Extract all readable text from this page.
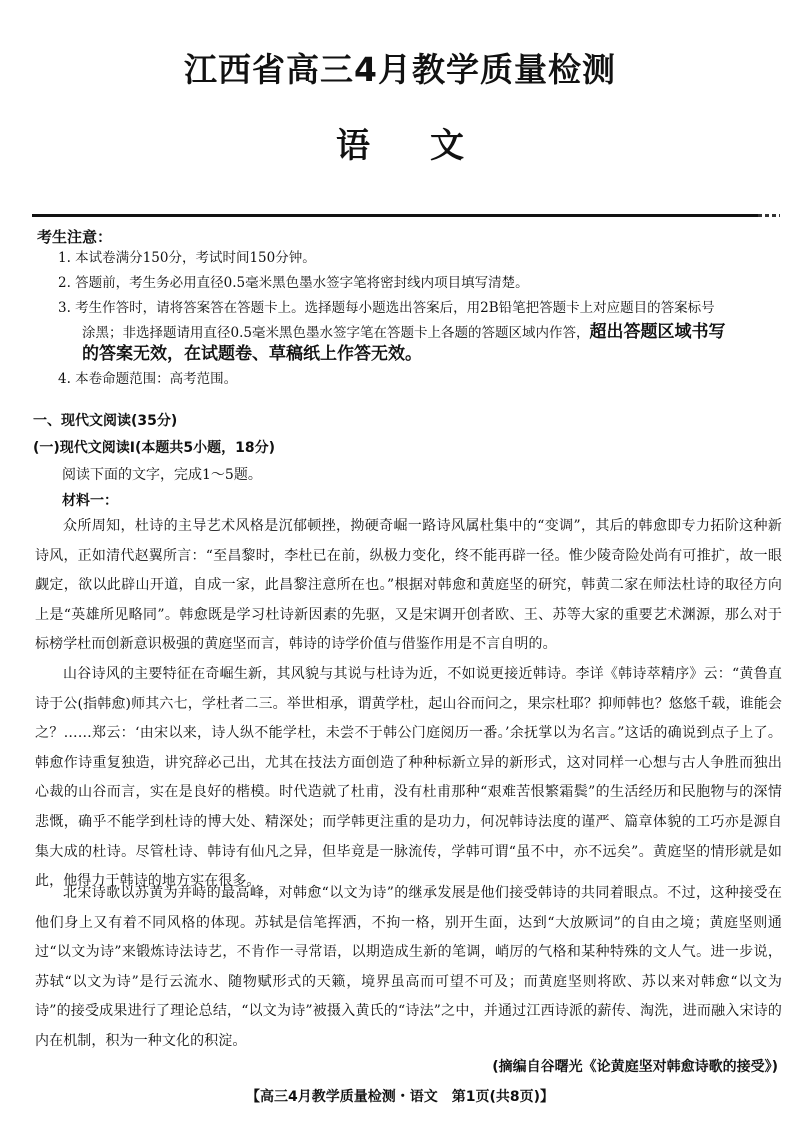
江西省高三4月教学质量检测
语文
考生注意：
1. 本试卷满分150分，考试时间150分钟。
2. 答题前，考生务必用直径0.5毫米黑色墨水签字笔将密封线内项目填写清楚。
3. 考生作答时，请将答案答在答题卡上。选择题每小题选出答案后，用2B铅笔把答题卡上对应题目的答案标号
涂黑；非选择题请用直径0.5毫米黑色墨水签字笔在答题卡上各题的答题区域内作答，超出答题区域书写
的答案无效，在试题卷、草稿纸上作答无效。
4. 本卷命题范围：高考范围。
一、现代文阅读(35分)
(一)现代文阅读Ⅰ(本题共5小题，18分)
阅读下面的文字，完成1～5题。
材料一：
众所周知，杜诗的主导艺术风格是沉郁顿挫，拗硬奇崛一路诗风属杜集中的“变调”，其后的韩愈即专力拓阶这种新诗风，正如清代赵翼所言：“至昌黎时，李杜已在前，纵极力变化，终不能再辟一径。惟少陵奇险处尚有可推扩，故一眼觑定，欲以此辟山开道，自成一家，此昌黎注意所在也。”根据对韩愈和黄庭坚的研究，韩黄二家在师法杜诗的取径方向上是“英雄所见略同”。韩愈既是学习杜诗新因素的先驱，又是宋调开创者欧、王、苏等大家的重要艺术渊源，那么对于标榜学杜而创新意识极强的黄庭坚而言，韩诗的诗学价值与借鉴作用是不言自明的。
山谷诗风的主要特征在奇崛生新，其风貌与其说与杜诗为近，不如说更接近韩诗。李详《韩诗萃精序》云：“黄鲁直诗于公(指韩愈)师其六七，学杜者二三。举世相承，谓黄学杜，起山谷而问之，果宗杜耶？抑师韩也？悠悠千载，谁能会之？……郑云：‘由宋以来，诗人纵不能学杜，未尝不于韩公门庭阅历一番。’余抚掌以为名言。”这话的确说到点子上了。韩愈作诗重复独造，讲究辞必己出，尤其在技法方面创造了种种标新立异的新形式，这对同样一心想与古人争胜而独出心裁的山谷而言，实在是良好的楷模。时代造就了杜甫，没有杜甫那种“艰难苦恨繁霜鬓”的生活经历和民胞物与的深情悲慨，确乎不能学到杜诗的博大处、精深处；而学韩更注重的是功力，何况韩诗法度的谨严、篇章体貌的工巧亦是源自集大成的杜诗。尽管杜诗、韩诗有仙凡之异，但毕竟是一脉流传，学韩可谓“虽不中，亦不远矣”。黄庭坚的情形就是如此，他得力于韩诗的地方实在很多。
北宋诗歌以苏黄为并峙的最高峰，对韩愈“以文为诗”的继承发展是他们接受韩诗的共同着眼点。不过，这种接受在他们身上又有着不同风格的体现。苏轼是信笔挥洒，不拘一格，别开生面，达到“大放厥词”的自由之境；黄庭坚则通过“以文为诗”来锻炼诗法诗艺，不肯作一寻常语，以期造成生新的笔调，峭厉的气格和某种特殊的文人气。进一步说，苏轼“以文为诗”是行云流水、随物赋形式的天籁，境界虽高而可望不可及；而黄庭坚则将欧、苏以来对韩愈“以文为诗”的接受成果进行了理论总结，“以文为诗”被摄入黄氏的“诗法”之中，并通过江西诗派的薪传、淘洗，进而融入宋诗的内在机制，积为一种文化的积淀。
(摘编自谷曙光《论黄庭坚对韩愈诗歌的接受》)
【高三4月教学质量检测・语文　第1页(共8页)】
